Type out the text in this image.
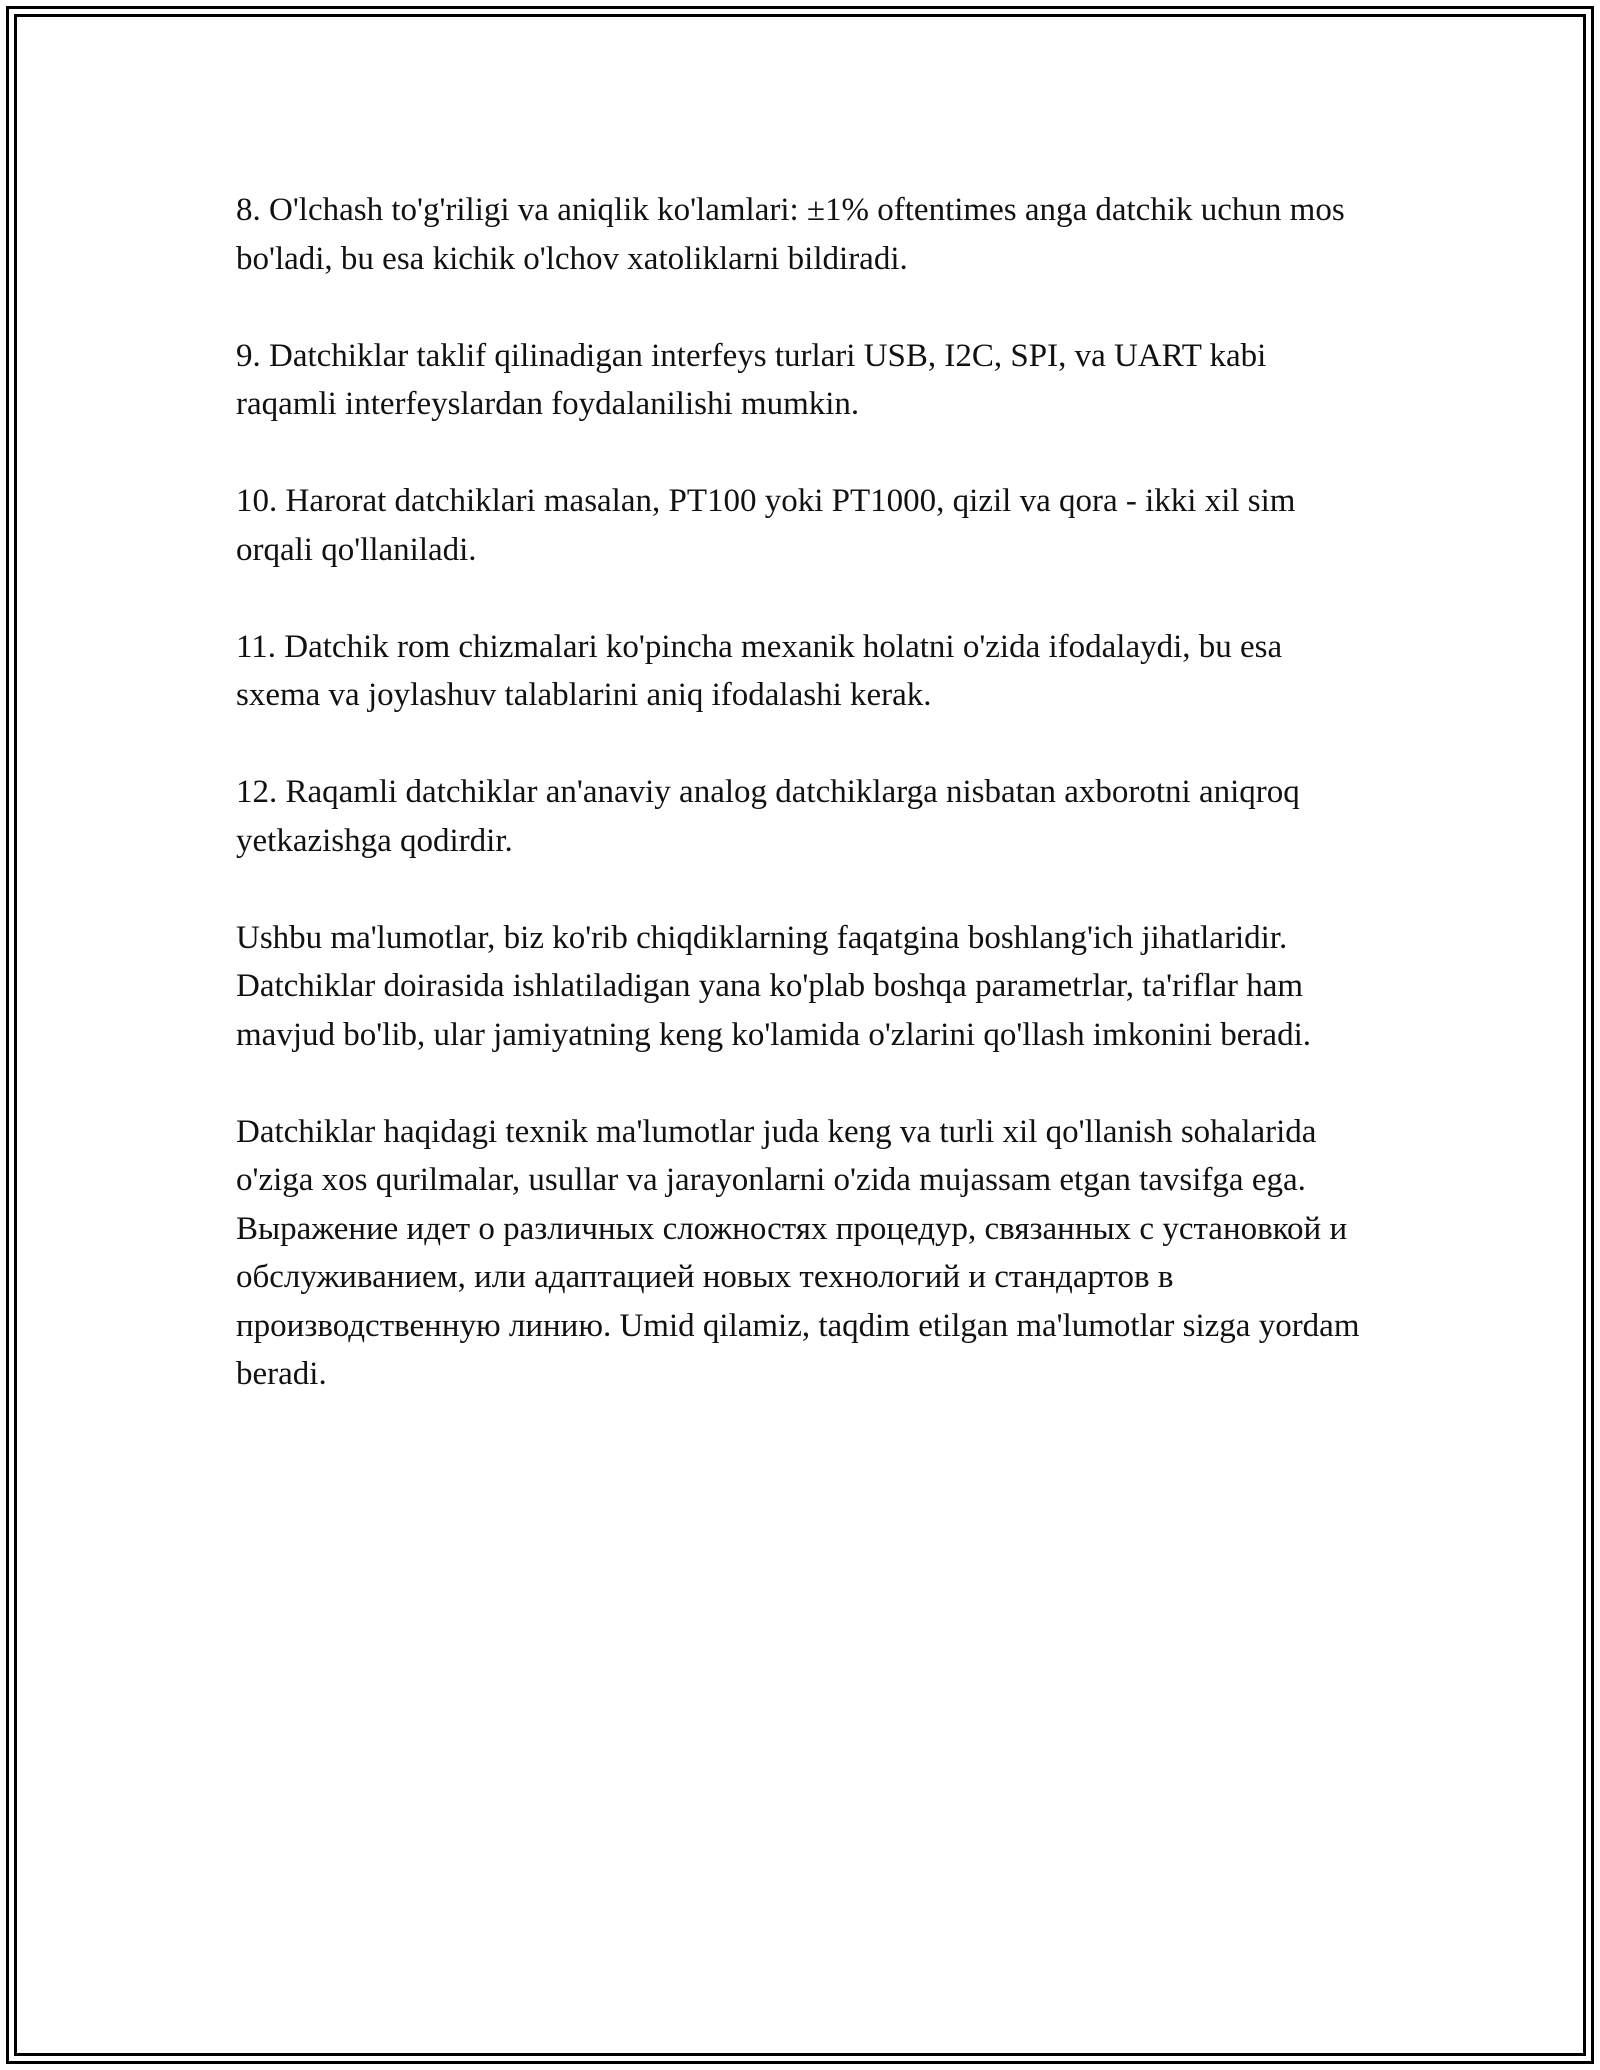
8. O'lchash to'g'riligi va aniqlik ko'lamlari: ±1% oftentimes anga datchik uchun mos bo'ladi, bu esa kichik o'lchov xatoliklarni bildiradi.

9. Datchiklar taklif qilinadigan interfeys turlari USB, I2C, SPI, va UART kabi raqamli interfeyslardan foydalanilishi mumkin.

10. Harorat datchiklari masalan, PT100 yoki PT1000, qizil va qora - ikki xil sim orqali qo'llaniladi.

11. Datchik rom chizmalari ko'pincha mexanik holatni o'zida ifodalaydi, bu esa sxema va joylashuv talablarini aniq ifodalashi kerak.

12. Raqamli datchiklar an'anaviy analog datchiklarga nisbatan axborotni aniqroq yetkazishga qodirdir.

Ushbu ma'lumotlar, biz ko'rib chiqdiklarning faqatgina boshlang'ich jihatlaridir. Datchiklar doirasida ishlatiladigan yana ko'plab boshqa parametrlar, ta'riflar ham mavjud bo'lib, ular jamiyatning keng ko'lamida o'zlarini qo'llash imkonini beradi.

Datchiklar haqidagi texnik ma'lumotlar juda keng va turli xil qo'llanish sohalarida o'ziga xos qurilmalar, usullar va jarayonlarni o'zida mujassam etgan tavsifga ega. Выражение идет о различных сложностях процедур, связанных с установкой и обслуживанием, или адаптацией новых технологий и стандартов в производственную линию. Umid qilamiz, taqdim etilgan ma'lumotlar sizga yordam beradi.
